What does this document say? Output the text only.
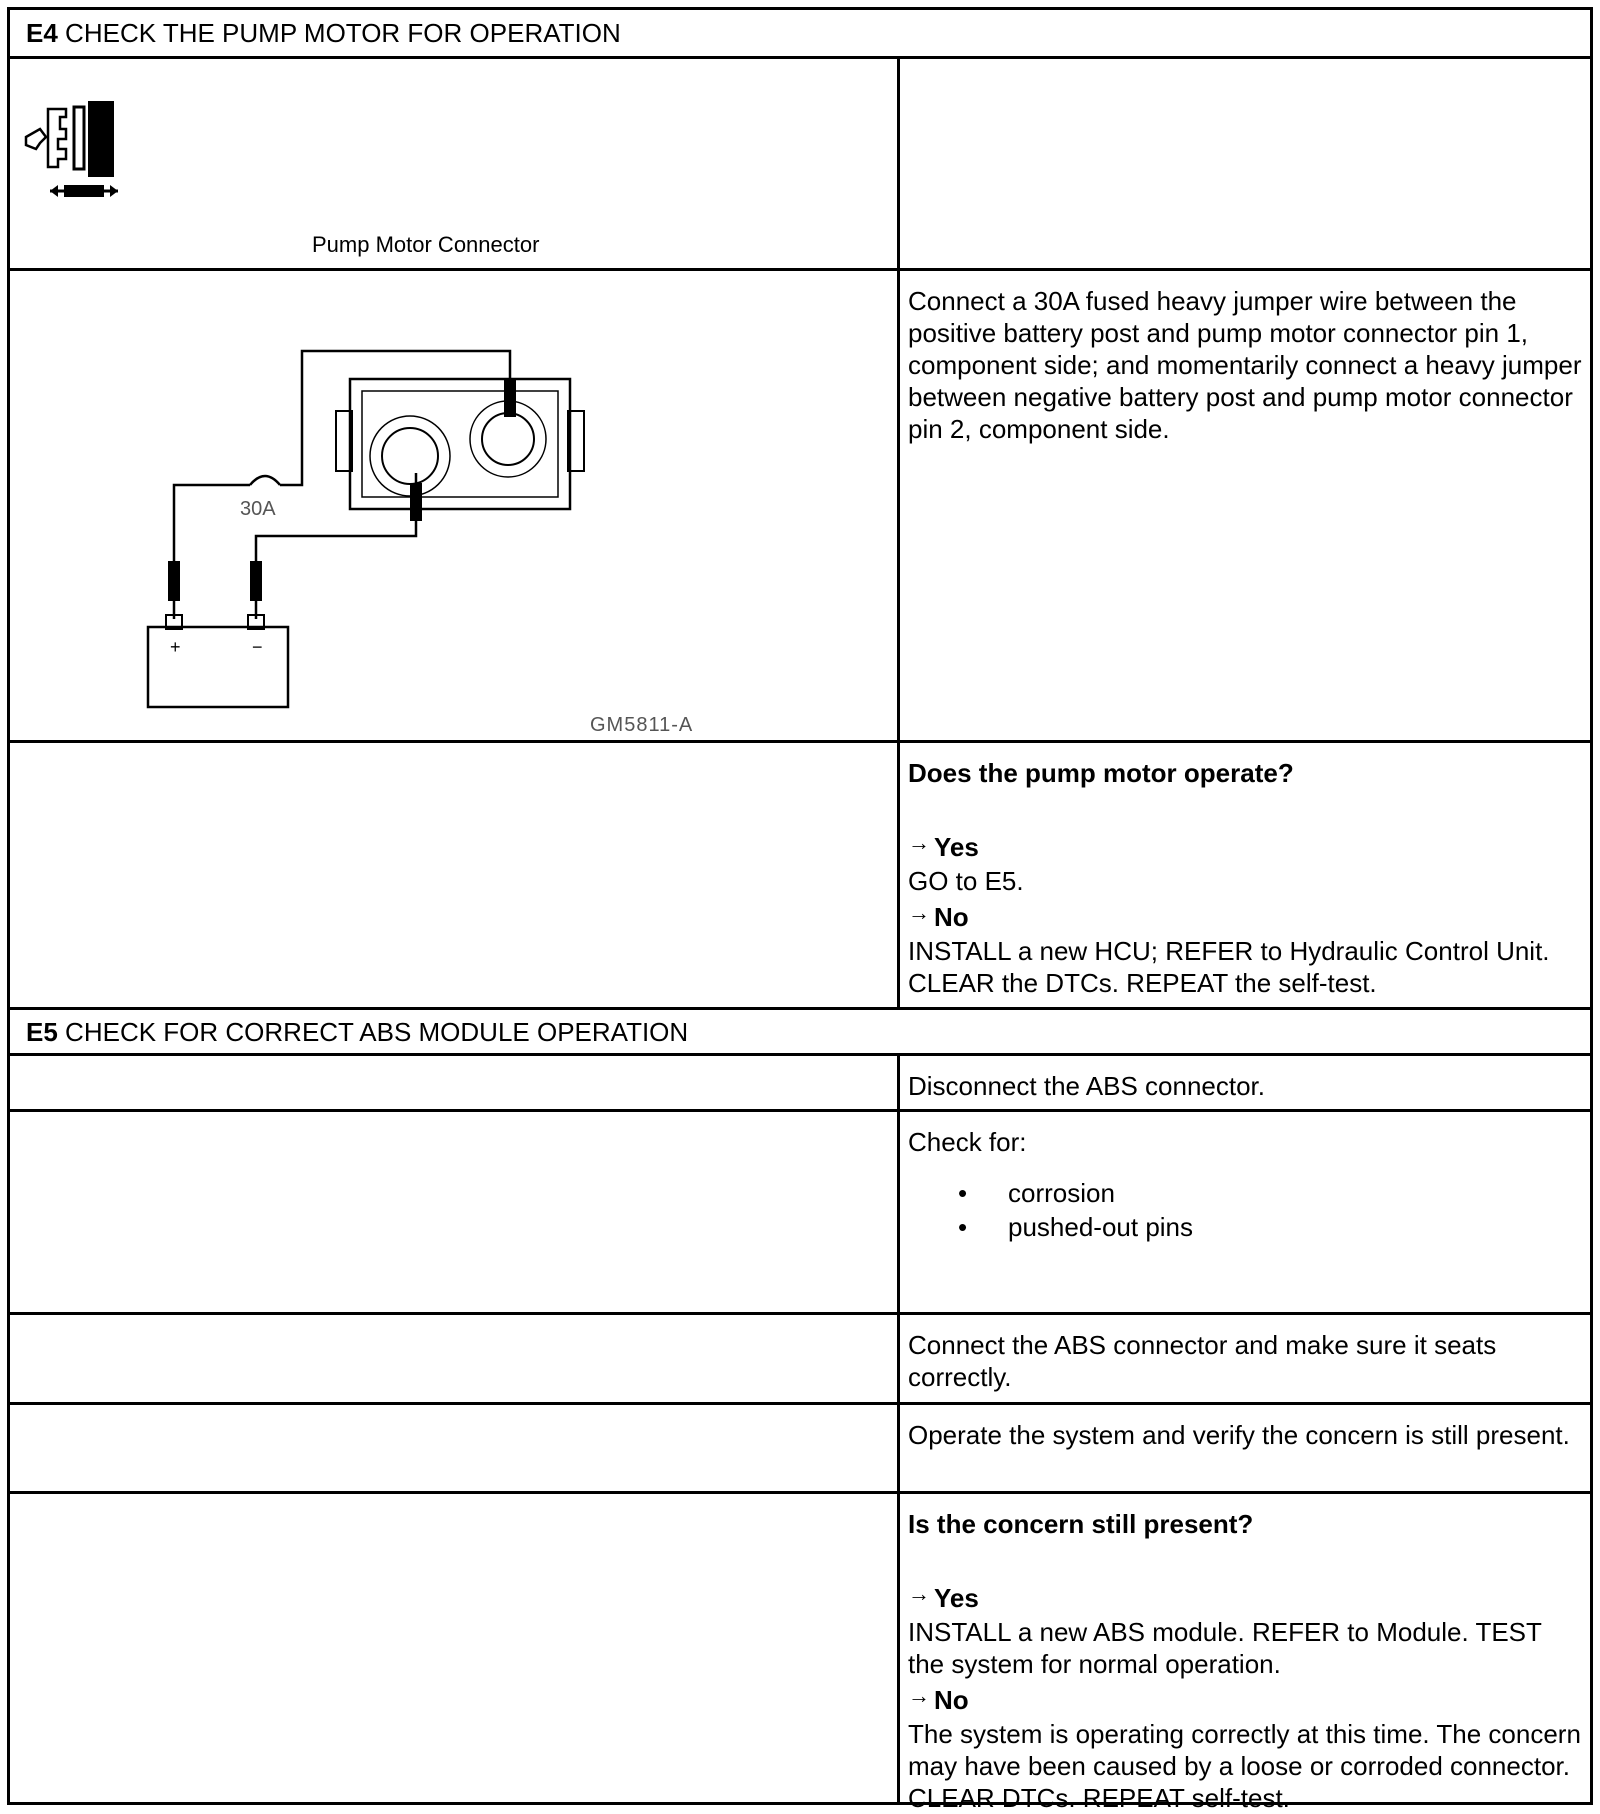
E4 CHECK THE PUMP MOTOR FOR OPERATION
Pump Motor Connector
30A
+	−
GM5811-A

Connect a 30A fused heavy jumper wire between the positive battery post and pump motor connector pin 1, component side; and momentarily connect a heavy jumper between negative battery post and pump motor connector pin 2, component side.

Does the pump motor operate?

→ Yes

GO to E5.

→ No

INSTALL a new HCU; REFER to Hydraulic Control Unit. CLEAR the DTCs. REPEAT the self-test.

E5 CHECK FOR CORRECT ABS MODULE OPERATION

Disconnect the ABS connector.

Check for:

• corrosion
• pushed-out pins

Connect the ABS connector and make sure it seats correctly.

Operate the system and verify the concern is still present.

Is the concern still present?

→ Yes

INSTALL a new ABS module. REFER to Module. TEST the system for normal operation.

→ No

The system is operating correctly at this time. The concern may have been caused by a loose or corroded connector. CLEAR DTCs. REPEAT self-test.
